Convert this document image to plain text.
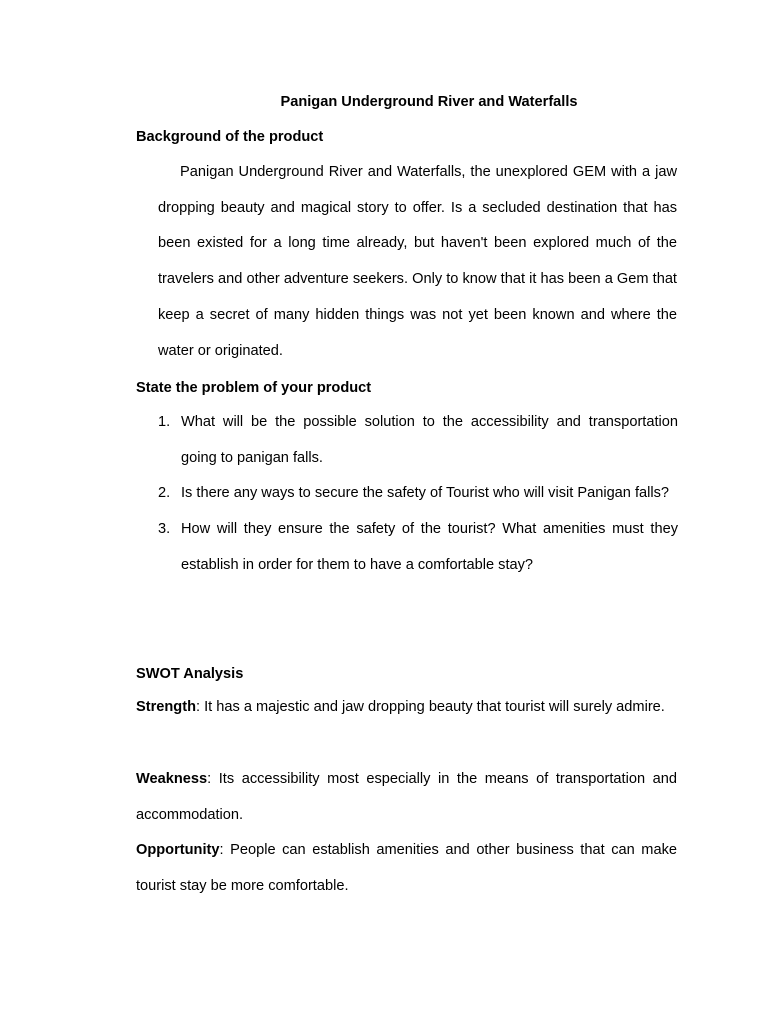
Panigan Underground River and Waterfalls
Background of the product

Panigan Underground River and Waterfalls, the unexplored GEM with a jaw dropping beauty and magical story to offer. Is a secluded destination that has been existed for a long time already, but haven't been explored much of the travelers and other adventure seekers. Only to know that it has been a Gem that keep a secret of many hidden things was not yet been known and where the water or originated.

State the problem of your product
1. What will be the possible solution to the accessibility and transportation going to panigan falls.
2. Is there any ways to secure the safety of Tourist who will visit Panigan falls?
3. How will they ensure the safety of the tourist? What amenities must they establish in order for them to have a comfortable stay?
SWOT Analysis

Strength: It has a majestic and jaw dropping beauty that tourist will surely admire.

Weakness: Its accessibility most especially in the means of transportation and accommodation.

Opportunity: People can establish amenities and other business that can make tourist stay be more comfortable.
